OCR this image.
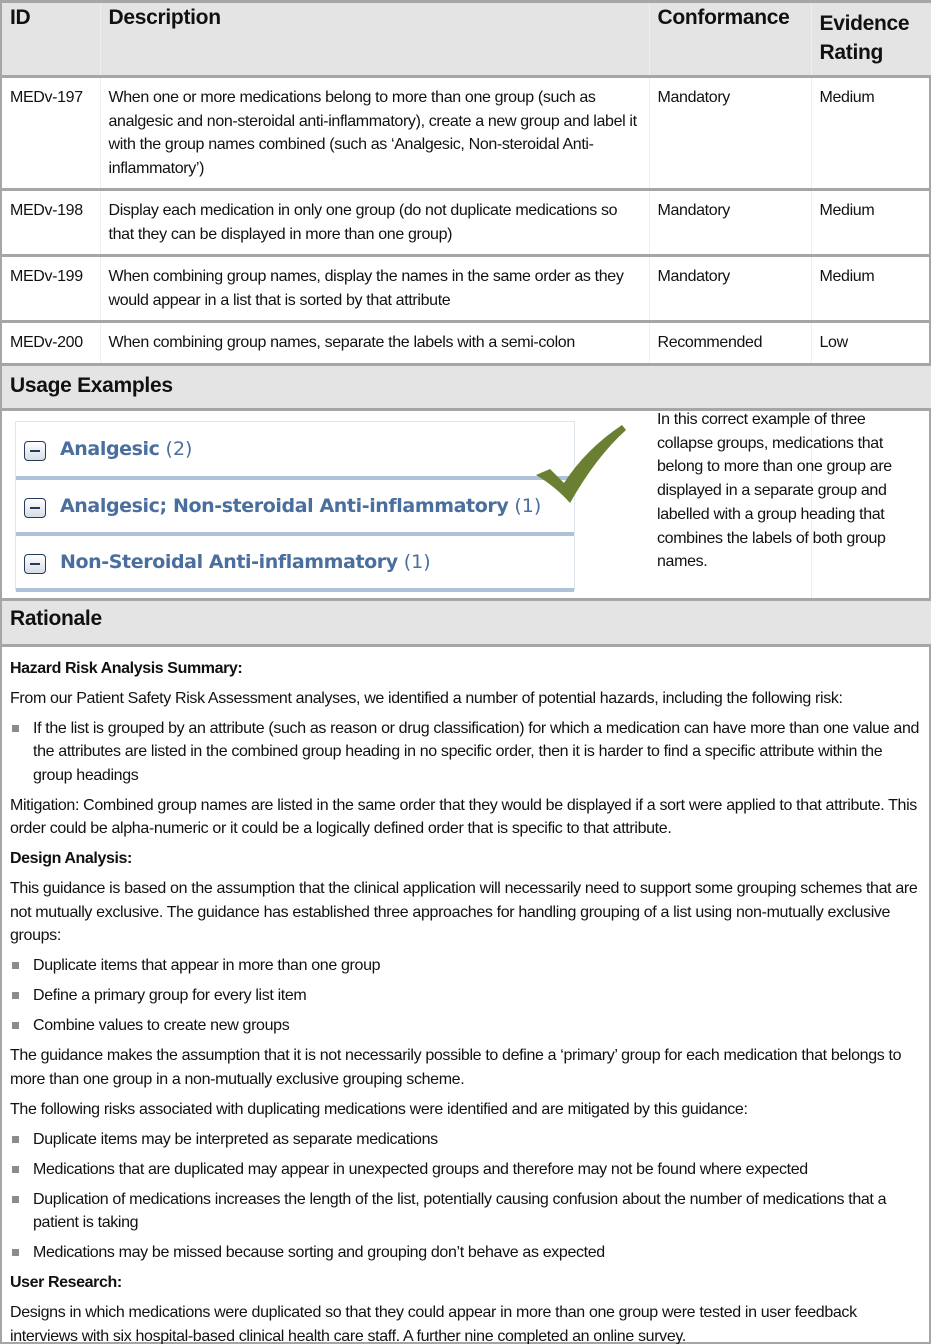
ID	Description	Conformance	Evidence
Rating
MEDv-197	When one or more medications belong to more than one group (such as analgesic and non-steroidal anti-inflammatory), create a new group and label it with the group names combined (such as ‘Analgesic, Non-steroidal Anti-inflammatory’)	Mandatory	Medium
MEDv-198	Display each medication in only one group (do not duplicate medications so that they can be displayed in more than one group)	Mandatory	Medium
MEDv-199	When combining group names, display the names in the same order as they would appear in a list that is sorted by that attribute	Mandatory	Medium
MEDv-200	When combining group names, separate the labels with a semi-colon	Recommended	Low
Usage Examples			

Analgesic (2)
Analgesic; Non-steroidal Anti-inflammatory (1)
Non-Steroidal Anti-inflammatory (1)

Rationale			

Hazard Risk Analysis Summary:

From our Patient Safety Risk Assessment analyses, we identified a number of potential hazards, including the following risk:

If the list is grouped by an attribute (such as reason or drug classification) for which a medication can have more than one value and the attributes are listed in the combined group heading in no specific order, then it is harder to find a specific attribute within the group headings

Mitigation: Combined group names are listed in the same order that they would be displayed if a sort were applied to that attribute. This order could be alpha-numeric or it could be a logically defined order that is specific to that attribute.

Design Analysis:

This guidance is based on the assumption that the clinical application will necessarily need to support some grouping schemes that are not mutually exclusive. The guidance has established three approaches for handling grouping of a list using non-mutually exclusive groups:

Duplicate items that appear in more than one group
Define a primary group for every list item
Combine values to create new groups

The guidance makes the assumption that it is not necessarily possible to define a ‘primary’ group for each medication that belongs to more than one group in a non-mutually exclusive grouping scheme.

The following risks associated with duplicating medications were identified and are mitigated by this guidance:

Duplicate items may be interpreted as separate medications
Medications that are duplicated may appear in unexpected groups and therefore may not be found where expected
Duplication of medications increases the length of the list, potentially causing confusion about the number of medications that a patient is taking
Medications may be missed because sorting and grouping don’t behave as expected
User Research:

Designs in which medications were duplicated so that they could appear in more than one group were tested in user feedback interviews with six hospital-based clinical health care staff. A further nine completed an online survey.

In this correct example of three collapse groups, medications that belong to more than one group are displayed in a separate group and labelled with a group heading that combines the labels of both group names.
